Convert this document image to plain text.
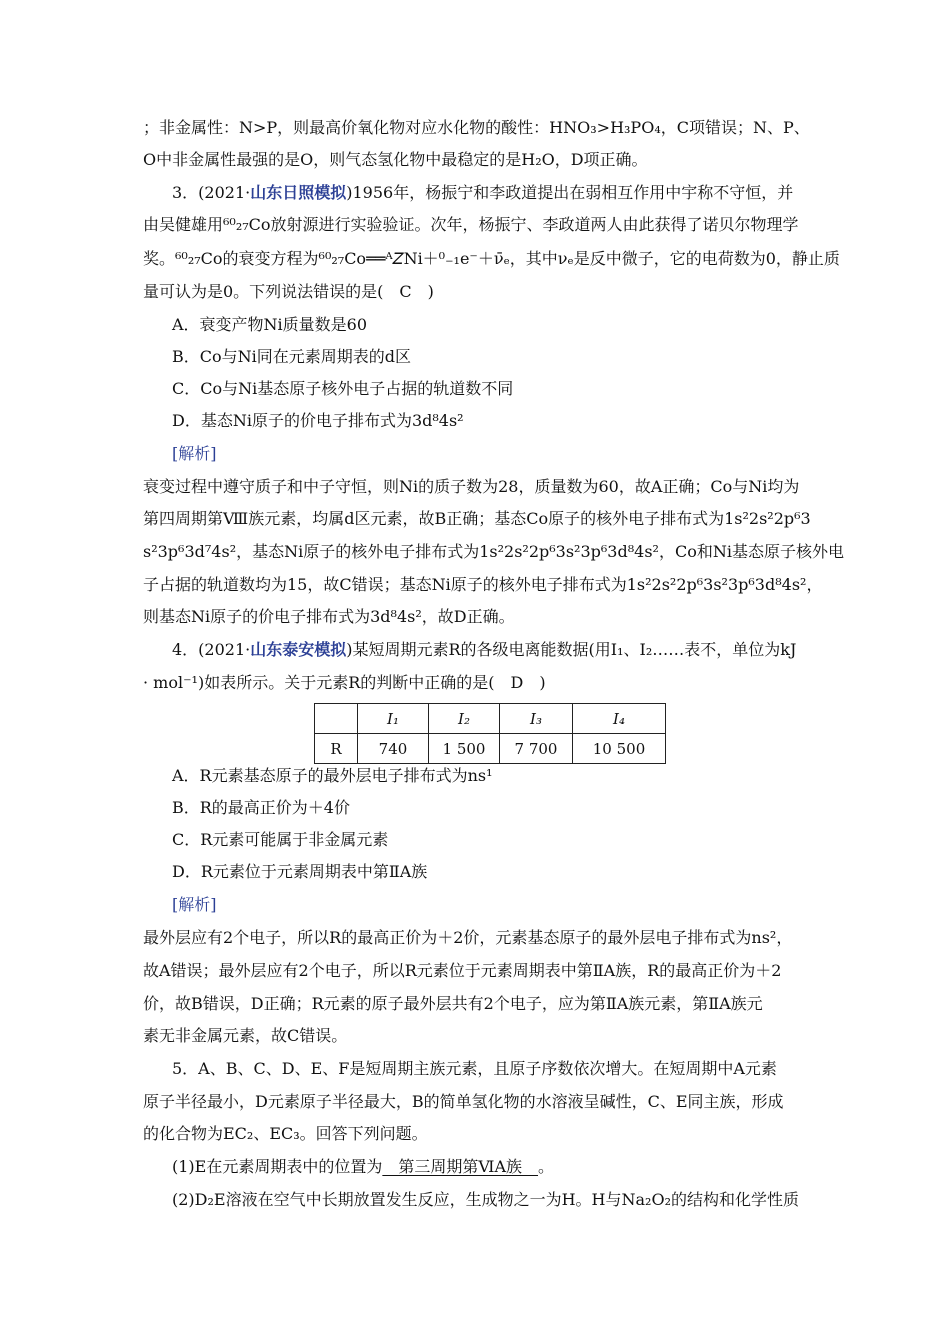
；非金属性：N>P，则最高价氧化物对应水化物的酸性：HNO₃>H₃PO₄，C项错误；N、P、
O中非金属性最强的是O，则气态氢化物中最稳定的是H₂O，D项正确。
3．(2021·山东日照模拟)1956年，杨振宁和李政道提出在弱相互作用中宇称不守恒，并
由吴健雄用⁶⁰₂₇Co放射源进行实验验证。次年，杨振宁、李政道两人由此获得了诺贝尔物理学
奖。⁶⁰₂₇Co的衰变方程为⁶⁰₂₇Co══ᴬ𝘡Ni＋⁰₋₁e⁻＋ν̄ₑ，其中νₑ是反中微子，它的电荷数为0，静止质
量可认为是0。下列说法错误的是(　C　)
A．衰变产物Ni质量数是60
B．Co与Ni同在元素周期表的d区
C．Co与Ni基态原子核外电子占据的轨道数不同
D．基态Ni原子的价电子排布式为3d⁸4s²
[解析]
衰变过程中遵守质子和中子守恒，则Ni的质子数为28，质量数为60，故A正确；Co与Ni均为
第四周期第Ⅷ族元素，均属d区元素，故B正确；基态Co原子的核外电子排布式为1s²2s²2p⁶3
s²3p⁶3d⁷4s²，基态Ni原子的核外电子排布式为1s²2s²2p⁶3s²3p⁶3d⁸4s²，Co和Ni基态原子核外电
子占据的轨道数均为15，故C错误；基态Ni原子的核外电子排布式为1s²2s²2p⁶3s²3p⁶3d⁸4s²，
则基态Ni原子的价电子排布式为3d⁸4s²，故D正确。
4．(2021·山东泰安模拟)某短周期元素R的各级电离能数据(用I₁、I₂……表不，单位为kJ
· mol⁻¹)如表所示。关于元素R的判断中正确的是(　D　)
	I₁	I₂	I₃	I₄
R	740	1 500	7 700	10 500
A．R元素基态原子的最外层电子排布式为ns¹
B．R的最高正价为＋4价
C．R元素可能属于非金属元素
D．R元素位于元素周期表中第ⅡA族
[解析]
最外层应有2个电子，所以R的最高正价为＋2价，元素基态原子的最外层电子排布式为ns²，
故A错误；最外层应有2个电子，所以R元素位于元素周期表中第ⅡA族，R的最高正价为＋2
价，故B错误，D正确；R元素的原子最外层共有2个电子，应为第ⅡA族元素，第ⅡA族元
素无非金属元素，故C错误。
5．A、B、C、D、E、F是短周期主族元素，且原子序数依次增大。在短周期中A元素
原子半径最小，D元素原子半径最大，B的简单氢化物的水溶液呈碱性，C、E同主族，形成
的化合物为EC₂、EC₃。回答下列问题。
(1)E在元素周期表中的位置为　第三周期第ⅥA族　。
(2)D₂E溶液在空气中长期放置发生反应，生成物之一为H。H与Na₂O₂的结构和化学性质
